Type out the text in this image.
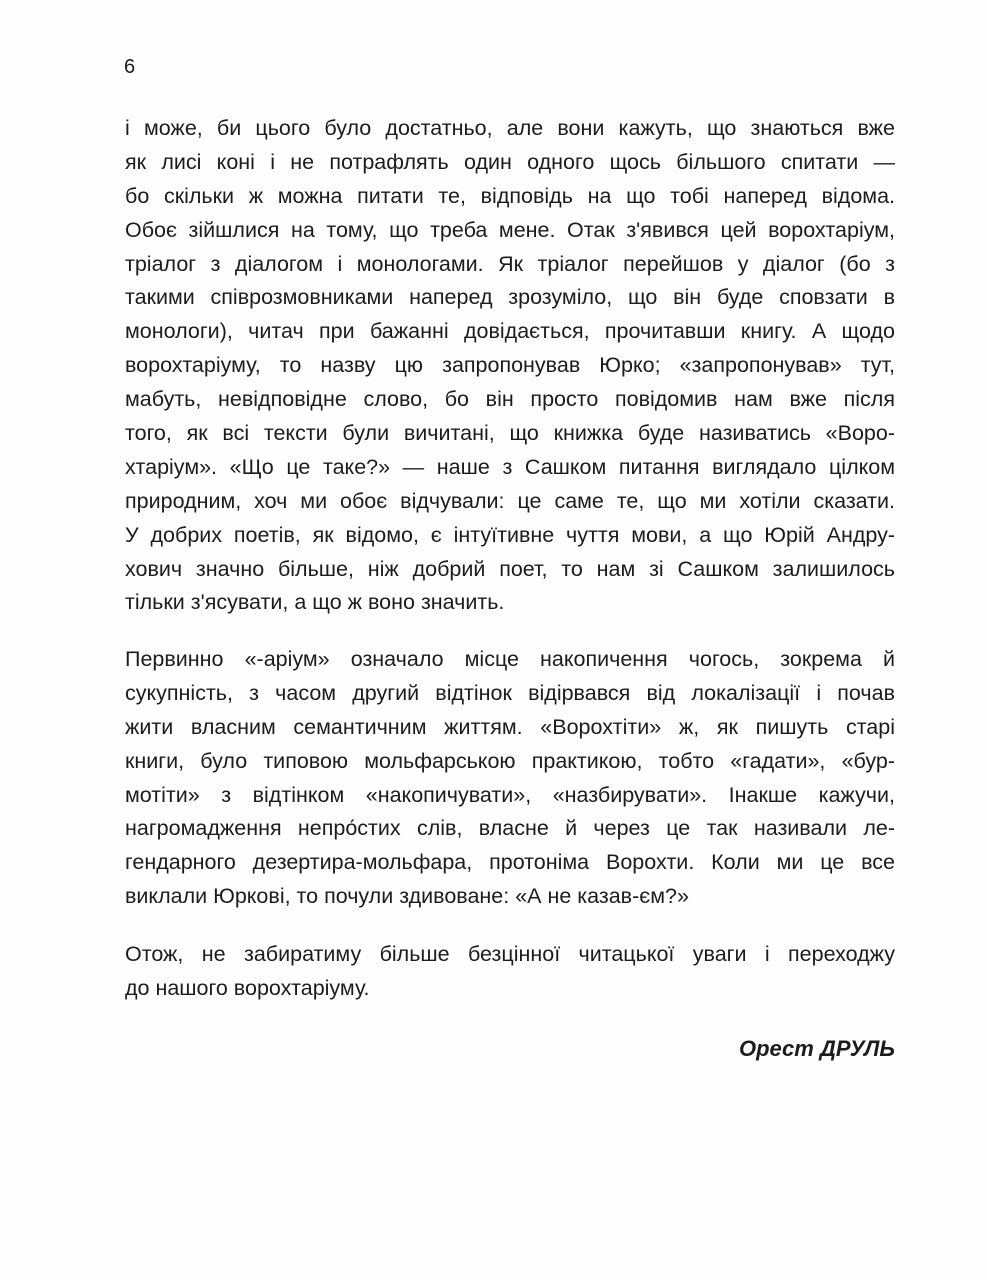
6
і може, би цього було достатньо, але вони кажуть, що знаються вже
як лисі коні і не потрафлять один одного щось більшого спитати —
бо скільки ж можна питати те, відповідь на що тобі наперед відома.
Обоє зійшлися на тому, що треба мене. Отак з'явився цей ворохтаріум,
тріалог з діалогом і монологами. Як тріалог перейшов у діалог (бо з
такими співрозмовниками наперед зрозуміло, що він буде сповзати в
монологи), читач при бажанні довідається, прочитавши книгу. А щодо
ворохтаріуму, то назву цю запропонував Юрко; «запропонував» тут,
мабуть, невідповідне слово, бо він просто повідомив нам вже після
того, як всі тексти були вичитані, що книжка буде називатись «Воро-
хтаріум». «Що це таке?» — наше з Сашком питання виглядало цілком
природним, хоч ми обоє відчували: це саме те, що ми хотіли сказати.
У добрих поетів, як відомо, є інтуїтивне чуття мови, а що Юрій Андру-
хович значно більше, ніж добрий поет, то нам зі Сашком залишилось
тільки з'ясувати, а що ж воно значить.
Первинно «-аріум» означало місце накопичення чогось, зокрема й
сукупність, з часом другий відтінок відірвався від локалізації і почав
жити власним семантичним життям. «Ворохтіти» ж, як пишуть старі
книги, було типовою мольфарською практикою, тобто «гадати», «бур-
мотіти» з відтінком «накопичувати», «назбирувати». Інакше кажучи,
нагромадження непро́стих слів, власне й через це так називали ле-
гендарного дезертира-мольфара, протоніма Ворохти. Коли ми це все
виклали Юркові, то почули здивоване: «А не казав-єм?»
Отож, не забиратиму більше безцінної читацької уваги і переходжу
до нашого ворохтаріуму.
Орест ДРУЛЬ
